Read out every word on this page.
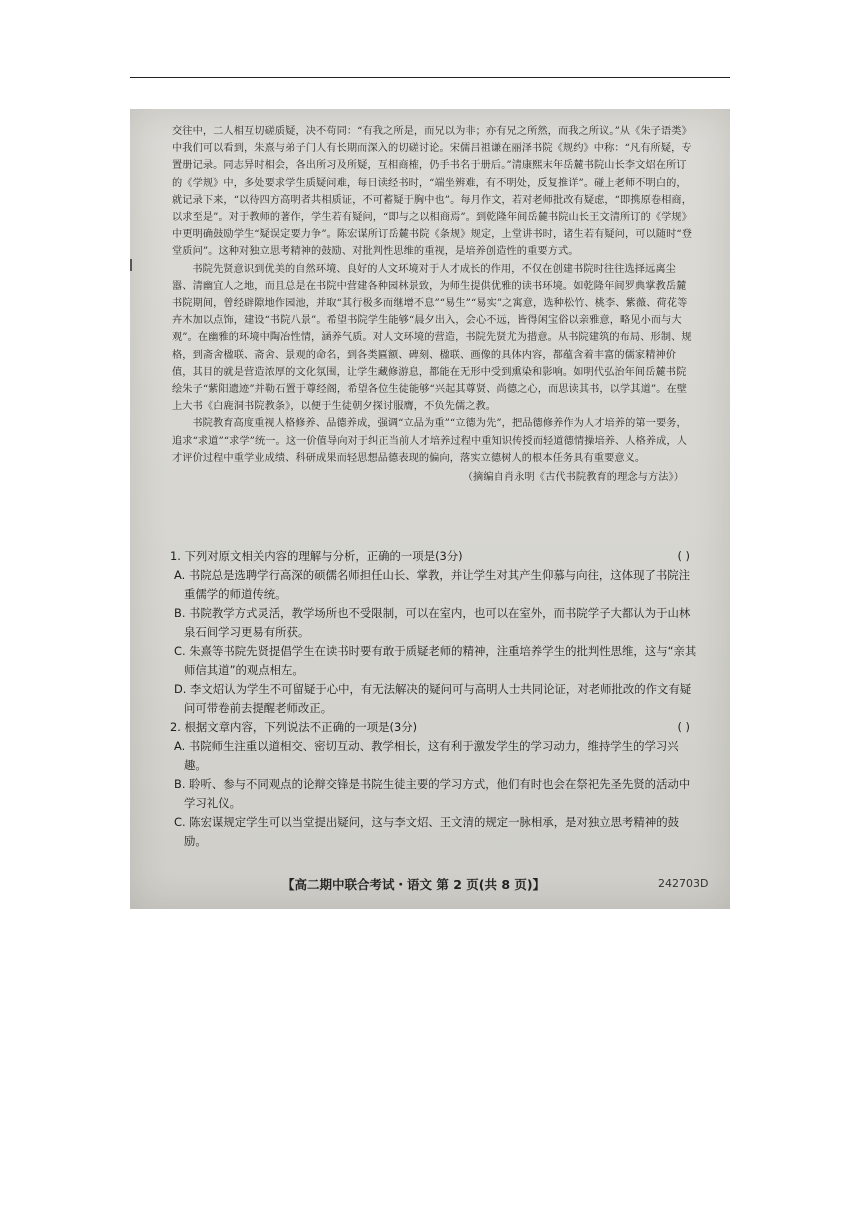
交往中，二人相互切磋质疑，决不苟同：“有我之所是，而兄以为非；亦有兄之所然，而我之所议。”从《朱子语类》中我们可以看到，朱熹与弟子门人有长期而深入的切磋讨论。宋儒吕祖谦在丽泽书院《规约》中称：“凡有所疑，专置册记录。同志异时相会，各出所习及所疑，互相商榷，仍手书名于册后。”清康熙末年岳麓书院山长李文炤在所订的《学规》中，多处要求学生质疑问难，每日读经书时，“端坐辨难，有不明处，反复推详”。碰上老师不明白的，就记录下来，“以待四方高明者共相质证，不可蓄疑于胸中也”。每月作文，若对老师批改有疑虑，“即携原卷相商，以求至是”。对于教师的著作，学生若有疑问，“即与之以相商焉”。到乾隆年间岳麓书院山长王文清所订的《学规》中更明确鼓励学生“疑误定要力争”。陈宏谋所订岳麓书院《条规》规定，上堂讲书时，诸生若有疑问，可以随时“登堂质问”。这种对独立思考精神的鼓励、对批判性思维的重视，是培养创造性的重要方式。

书院先贤意识到优美的自然环境、良好的人文环境对于人才成长的作用，不仅在创建书院时往往选择远离尘嚣、清幽宜人之地，而且总是在书院中营建各种园林景致，为师生提供优雅的读书环境。如乾隆年间罗典掌教岳麓书院期间，曾经辟隙地作园池，并取“其行极多而继增不息”“易生”“易实”之寓意，选种松竹、桃李、紫薇、荷花等卉木加以点饰，建设“书院八景”。希望书院学生能够“晨夕出入，会心不远，皆得闲宝俗以亲雅意，略见小而与大观”。在幽雅的环境中陶冶性情，涵养气质。对人文环境的营造，书院先贤尤为措意。从书院建筑的布局、形制、规格，到斋舍楹联、斋舍、景观的命名，到各类匾额、碑刻、楹联、画像的具体内容，都蕴含着丰富的儒家精神价值，其目的就是营造浓厚的文化氛围，让学生藏修游息，都能在无形中受到熏染和影响。如明代弘治年间岳麓书院绘朱子“紫阳遗迹”并勒石置于尊经阁，希望各位生徒能够“兴起其尊贤、尚德之心，而思读其书，以学其道”。在壁上大书《白鹿洞书院教条》，以便于生徒朝夕探讨服膺，不负先儒之教。

书院教育高度重视人格修养、品德养成，强调“立品为重”“立德为先”，把品德修养作为人才培养的第一要务，追求“求道”“求学”统一。这一价值导向对于纠正当前人才培养过程中重知识传授而轻道德情操培养、人格养成，人才评价过程中重学业成绩、科研成果而轻思想品德表现的偏向，落实立德树人的根本任务具有重要意义。

（摘编自肖永明《古代书院教育的理念与方法》）
1. 下列对原文相关内容的理解与分析，正确的一项是(3分)	( )

A. 书院总是选聘学行高深的硕儒名师担任山长、掌教，并让学生对其产生仰慕与向往，这体现了书院注重儒学的师道传统。

B. 书院教学方式灵活，教学场所也不受限制，可以在室内，也可以在室外，而书院学子大都认为于山林泉石间学习更易有所获。

C. 朱熹等书院先贤提倡学生在读书时要有敢于质疑老师的精神，注重培养学生的批判性思维，这与“亲其师信其道”的观点相左。

D. 李文炤认为学生不可留疑于心中，有无法解决的疑问可与高明人士共同论证，对老师批改的作文有疑问可带卷前去提醒老师改正。

2. 根据文章内容，下列说法不正确的一项是(3分)	( )

A. 书院师生注重以道相交、密切互动、教学相长，这有利于激发学生的学习动力，维持学生的学习兴趣。

B. 聆听、参与不同观点的论辩交锋是书院生徒主要的学习方式，他们有时也会在祭祀先圣先贤的活动中学习礼仪。

C. 陈宏谋规定学生可以当堂提出疑问，这与李文炤、王文清的规定一脉相承，是对独立思考精神的鼓励。

【高二期中联合考试・语文 第 2 页(共 8 页)】	242703D
